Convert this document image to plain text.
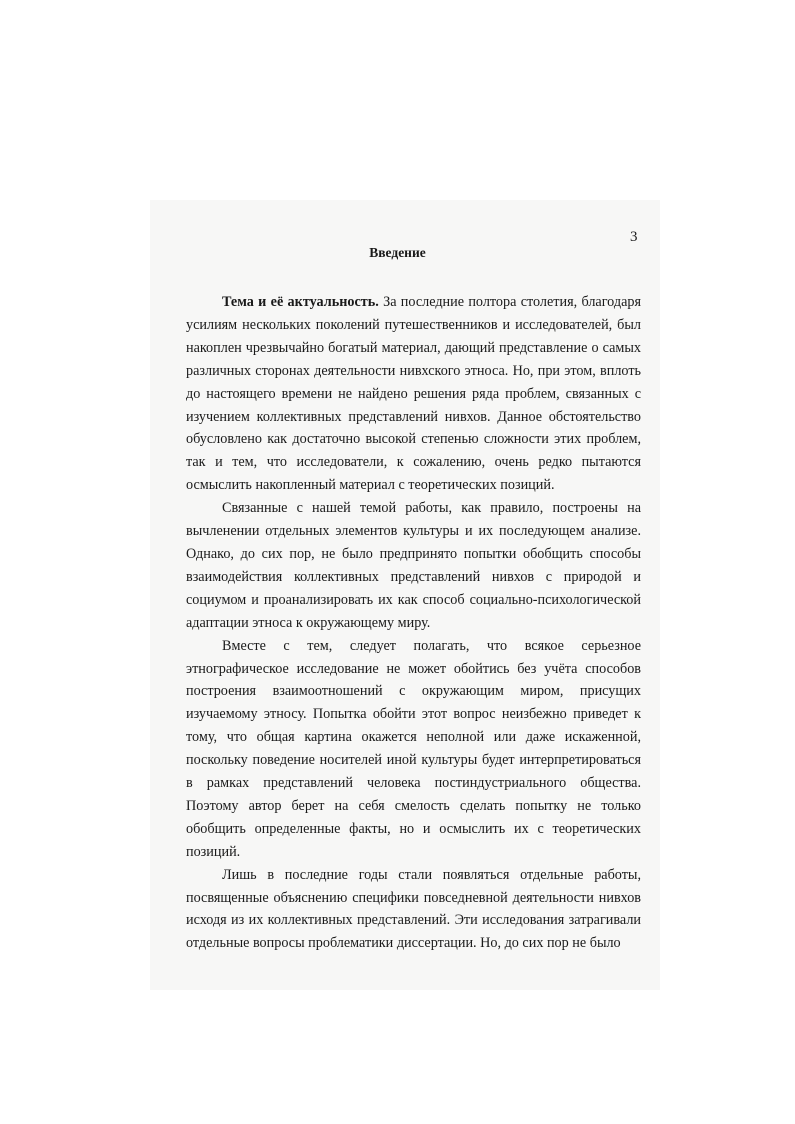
3
Введение

Тема и её актуальность. За последние полтора столетия, благодаря усилиям нескольких поколений путешественников и исследователей, был накоплен чрезвычайно богатый материал, дающий представление о самых различных сторонах деятельности нивхского этноса. Но, при этом, вплоть до настоящего времени не найдено решения ряда проблем, связанных с изучением коллективных представлений нивхов. Данное обстоятельство обусловлено как достаточно высокой степенью сложности этих проблем, так и тем, что исследователи, к сожалению, очень редко пытаются осмыслить накопленный материал с теоретических позиций.

Связанные с нашей темой работы, как правило, построены на вычленении отдельных элементов культуры и их последующем анализе. Однако, до сих пор, не было предпринято попытки обобщить способы взаимодействия коллективных представлений нивхов с природой и социумом и проанализировать их как способ социально-психологической адаптации этноса к окружающему миру.

Вместе с тем, следует полагать, что всякое серьезное этнографическое исследование не может обойтись без учёта способов построения взаимоотношений с окружающим миром, присущих изучаемому этносу. Попытка обойти этот вопрос неизбежно приведет к тому, что общая картина окажется неполной или даже искаженной, поскольку поведение носителей иной культуры будет интерпретироваться в рамках представлений человека постиндустриального общества. Поэтому автор берет на себя смелость сделать попытку не только обобщить определенные факты, но и осмыслить их с теоретических позиций.

Лишь в последние годы стали появляться отдельные работы, посвященные объяснению специфики повседневной деятельности нивхов исходя из их коллективных представлений. Эти исследования затрагивали отдельные вопросы проблематики диссертации. Но, до сих пор не было
